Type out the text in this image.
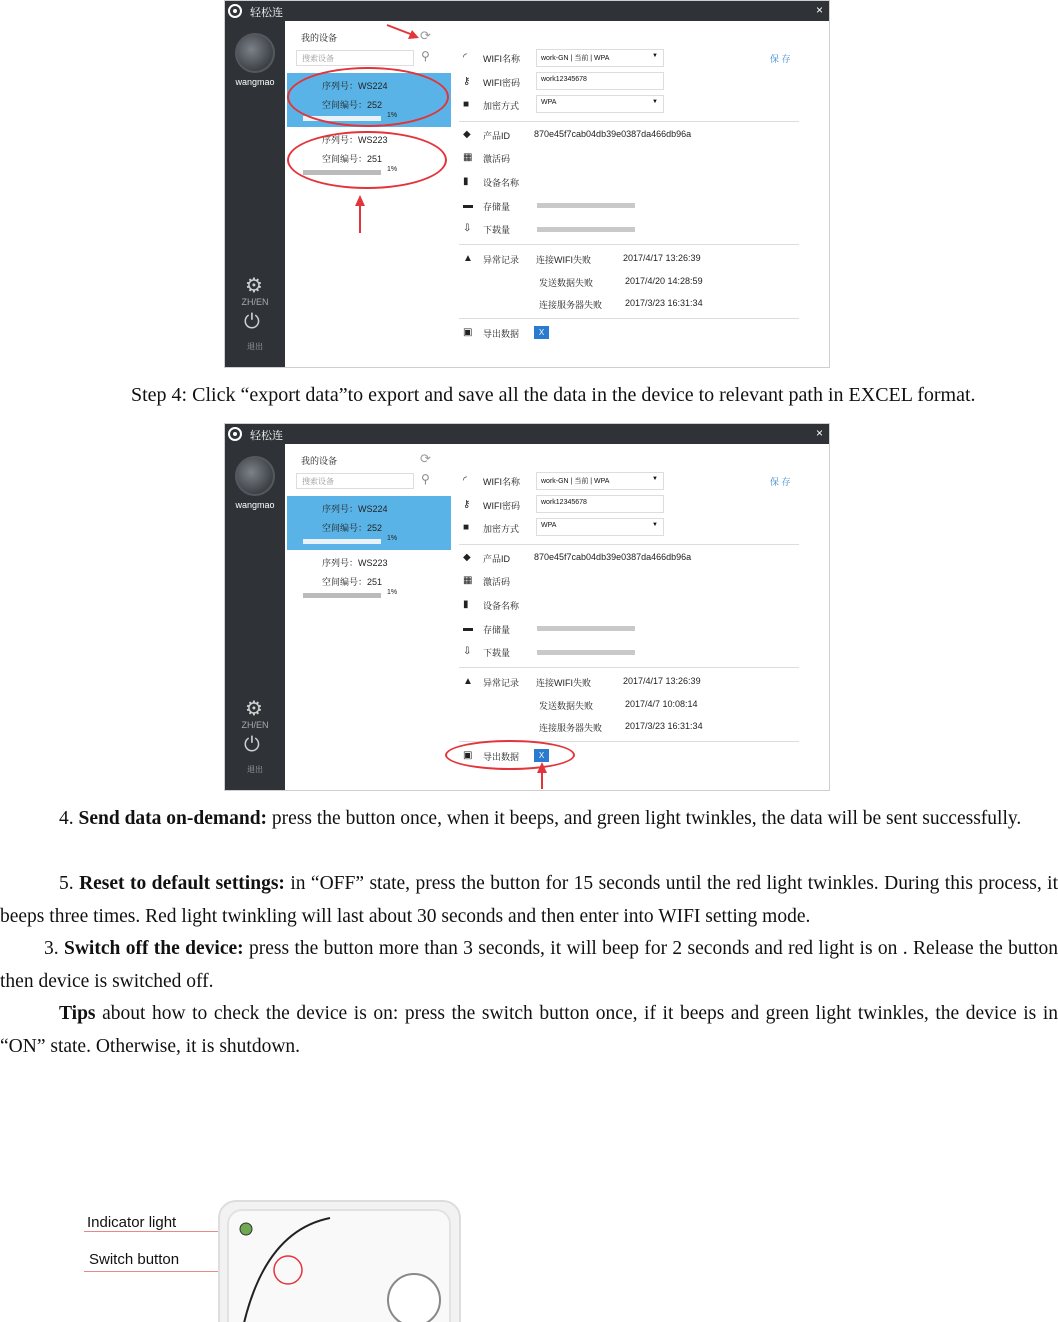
轻松连	×
wangmao
⚙
ZH/EN
⏻
退出
我的设备	⟳
搜索设备	⚲
序列号：WS224
空间编号：252
1%
序列号：WS223
空间编号：251
1%
◜ WIFI名称	work-GN | 当前 | WPA	▼	保 存
⚷ WIFI密码	work12345678
■ 加密方式	WPA	▼
◆ 产品ID	870e45f7cab04db39e0387da466db96a
▦ 激活码
▮ 设备名称
▬ 存储量
⇩ 下载量
▲ 异常记录 连接WIFI失败	2017/4/17 13:26:39
发送数据失败	2017/4/20 14:28:59
连接服务器失败	2017/3/23 16:31:34
▣ 导出数据	X
Step 4: Click “export data”to export and save all the data in the device to relevant path in EXCEL format.
轻松连	×
wangmao
⚙
ZH/EN
⏻
退出
我的设备	⟳
搜索设备	⚲
序列号：WS224
空间编号：252
1%
序列号：WS223
空间编号：251
1%
◜ WIFI名称	work-GN | 当前 | WPA	▼	保 存
⚷ WIFI密码	work12345678
■ 加密方式	WPA	▼
◆ 产品ID	870e45f7cab04db39e0387da466db96a
▦ 激活码
▮ 设备名称
▬ 存储量
⇩ 下载量
▲ 异常记录 连接WIFI失败	2017/4/17 13:26:39
发送数据失败	2017/4/7 10:08:14
连接服务器失败	2017/3/23 16:31:34
▣ 导出数据	X
4. Send data on-demand: press the button once, when it beeps, and green light twinkles, the data will be sent successfully.
5. Reset to default settings: in “OFF” state, press the button for 15 seconds until the red light twinkles. During this process, it beeps three times. Red light twinkling will last about 30 seconds and then enter into WIFI setting mode.
3. Switch off the device: press the button more than 3 seconds, it will beep for 2 seconds and red light is on . Release the button then device is switched off.
Tips about how to check the device is on: press the switch button once, if it beeps and green light twinkles, the device is in “ON” state. Otherwise, it is shutdown.
Indicator light
Switch button
